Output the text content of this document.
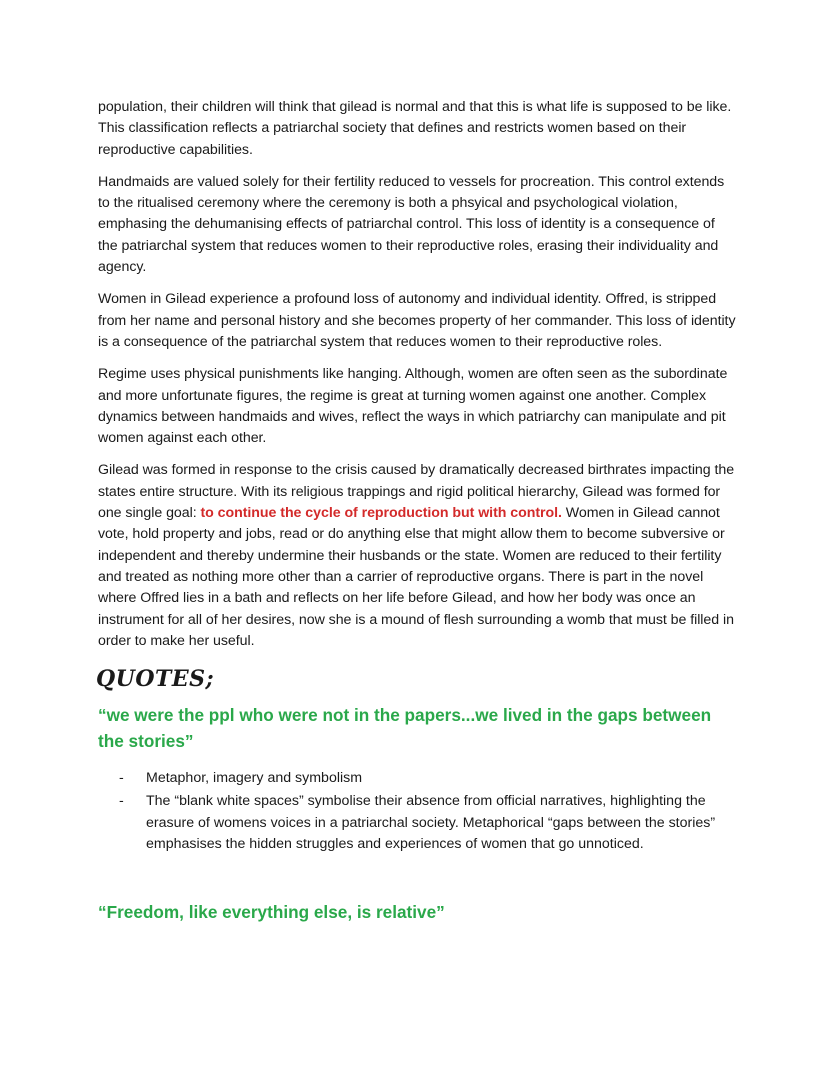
population, their children will think that gilead is normal and that this is what life is supposed to be like. This classification reflects a patriarchal society that defines and restricts women based on their reproductive capabilities.

Handmaids are valued solely for their fertility reduced to vessels for procreation. This control extends to the ritualised ceremony where the ceremony is both a phsyical and psychological violation, emphasing the dehumanising effects of patriarchal control. This loss of identity is a consequence of the patriarchal system that reduces women to their reproductive roles, erasing their individuality and agency.

Women in Gilead experience a profound loss of autonomy and individual identity. Offred, is stripped from her name and personal history and she becomes property of her commander. This loss of identity is a consequence of the patriarchal system that reduces women to their reproductive roles.

Regime uses physical punishments like hanging. Although, women are often seen as the subordinate and more unfortunate figures, the regime is great at turning women against one another. Complex dynamics between handmaids and wives, reflect the ways in which patriarchy can manipulate and pit women against each other.

Gilead was formed in response to the crisis caused by dramatically decreased birthrates impacting the states entire structure. With its religious trappings and rigid political hierarchy, Gilead was formed for one single goal: to continue the cycle of reproduction but with control. Women in Gilead cannot vote, hold property and jobs, read or do anything else that might allow them to become subversive or independent and thereby undermine their husbands or the state. Women are reduced to their fertility and treated as nothing more other than a carrier of reproductive organs. There is part in the novel where Offred lies in a bath and reflects on her life before Gilead, and how her body was once an instrument for all of her desires, now she is a mound of flesh surrounding a womb that must be filled in order to make her useful.

QUOTES;
“we were the ppl who were not in the papers...we lived in the gaps between the stories”
- Metaphor, imagery and symbolism
- The “blank white spaces” symbolise their absence from official narratives, highlighting the erasure of womens voices in a patriarchal society. Metaphorical “gaps between the stories” emphasises the hidden struggles and experiences of women that go unnoticed.
“Freedom, like everything else, is relative”
